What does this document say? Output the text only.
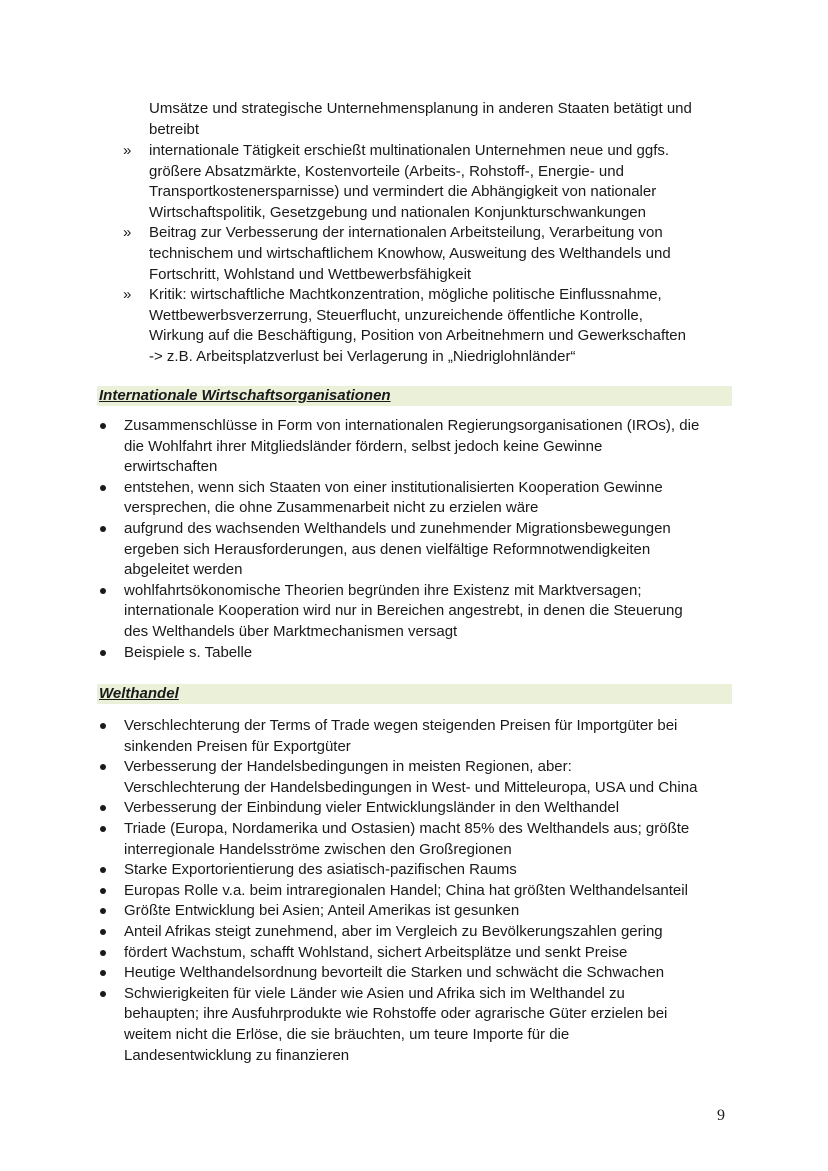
Umsätze und strategische Unternehmensplanung in anderen Staaten betätigt und
betreibt
» internationale Tätigkeit erschießt multinationalen Unternehmen neue und ggfs.
größere Absatzmärkte, Kostenvorteile (Arbeits-, Rohstoff-, Energie- und
Transportkostenersparnisse) und vermindert die Abhängigkeit von nationaler
Wirtschaftspolitik, Gesetzgebung und nationalen Konjunkturschwankungen
» Beitrag zur Verbesserung der internationalen Arbeitsteilung, Verarbeitung von
technischem und wirtschaftlichem Knowhow, Ausweitung des Welthandels und
Fortschritt, Wohlstand und Wettbewerbsfähigkeit
» Kritik: wirtschaftliche Machtkonzentration, mögliche politische Einflussnahme,
Wettbewerbsverzerrung, Steuerflucht, unzureichende öffentliche Kontrolle,
Wirkung auf die Beschäftigung, Position von Arbeitnehmern und Gewerkschaften
-> z.B. Arbeitsplatzverlust bei Verlagerung in „Niedriglohnländer“
Internationale Wirtschaftsorganisationen
Zusammenschlüsse in Form von internationalen Regierungsorganisationen (IROs), die
die Wohlfahrt ihrer Mitgliedsländer fördern, selbst jedoch keine Gewinne
erwirtschaften
entstehen, wenn sich Staaten von einer institutionalisierten Kooperation Gewinne
versprechen, die ohne Zusammenarbeit nicht zu erzielen wäre
aufgrund des wachsenden Welthandels und zunehmender Migrationsbewegungen
ergeben sich Herausforderungen, aus denen vielfältige Reformnotwendigkeiten
abgeleitet werden
wohlfahrtsökonomische Theorien begründen ihre Existenz mit Marktversagen;
internationale Kooperation wird nur in Bereichen angestrebt, in denen die Steuerung
des Welthandels über Marktmechanismen versagt
Beispiele s. Tabelle
Welthandel
Verschlechterung der Terms of Trade wegen steigenden Preisen für Importgüter bei
sinkenden Preisen für Exportgüter
Verbesserung der Handelsbedingungen in meisten Regionen, aber:
Verschlechterung der Handelsbedingungen in West- und Mitteleuropa, USA und China
Verbesserung der Einbindung vieler Entwicklungsländer in den Welthandel
Triade (Europa, Nordamerika und Ostasien) macht 85% des Welthandels aus; größte
interregionale Handelsströme zwischen den Großregionen
Starke Exportorientierung des asiatisch-pazifischen Raums
Europas Rolle v.a. beim intraregionalen Handel; China hat größten Welthandelsanteil
Größte Entwicklung bei Asien; Anteil Amerikas ist gesunken
Anteil Afrikas steigt zunehmend, aber im Vergleich zu Bevölkerungszahlen gering
fördert Wachstum, schafft Wohlstand, sichert Arbeitsplätze und senkt Preise
Heutige Welthandelsordnung bevorteilt die Starken und schwächt die Schwachen
Schwierigkeiten für viele Länder wie Asien und Afrika sich im Welthandel zu
behaupten; ihre Ausfuhrprodukte wie Rohstoffe oder agrarische Güter erzielen bei
weitem nicht die Erlöse, die sie bräuchten, um teure Importe für die
Landesentwicklung zu finanzieren
9
